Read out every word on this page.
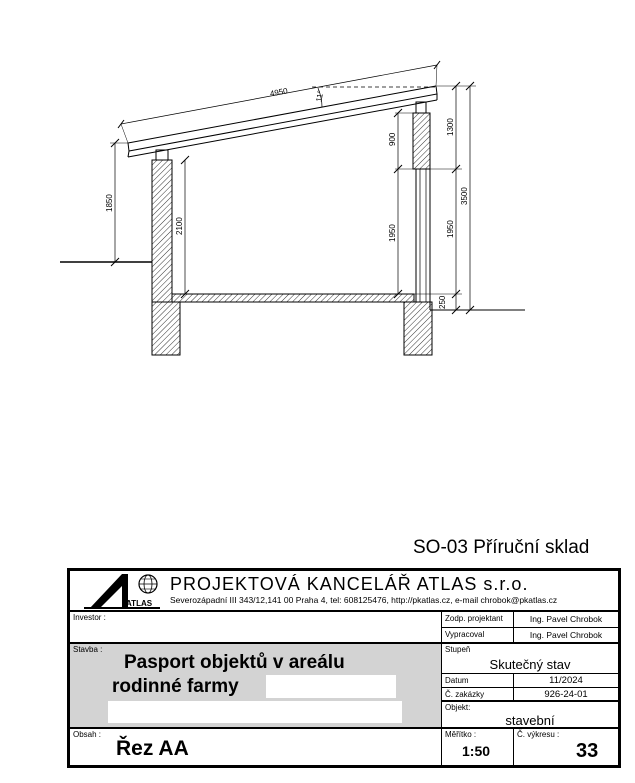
4950	11°
1850
2100
900
1950
1300
1950
250
3500
SO-03 Příruční sklad
ATLAS
PROJEKTOVÁ KANCELÁŘ ATLAS s.r.o.
Severozápadní III 343/12,141 00 Praha 4, tel: 608125476, http://pkatlas.cz, e-mail chrobok@pkatlas.cz
Investor :	Zodp. projektant	Ing. Pavel Chrobok
Vypracoval	Ing. Pavel Chrobok
Stavba :
Pasport objektů v areálu
rodinné farmy
Stupeň
Skutečný stav
Datum	11/2024
Č. zakázky	926-24-01
Objekt:
stavební
Obsah :
Řez AA
Měřítko :
1:50
Č. výkresu :
33
